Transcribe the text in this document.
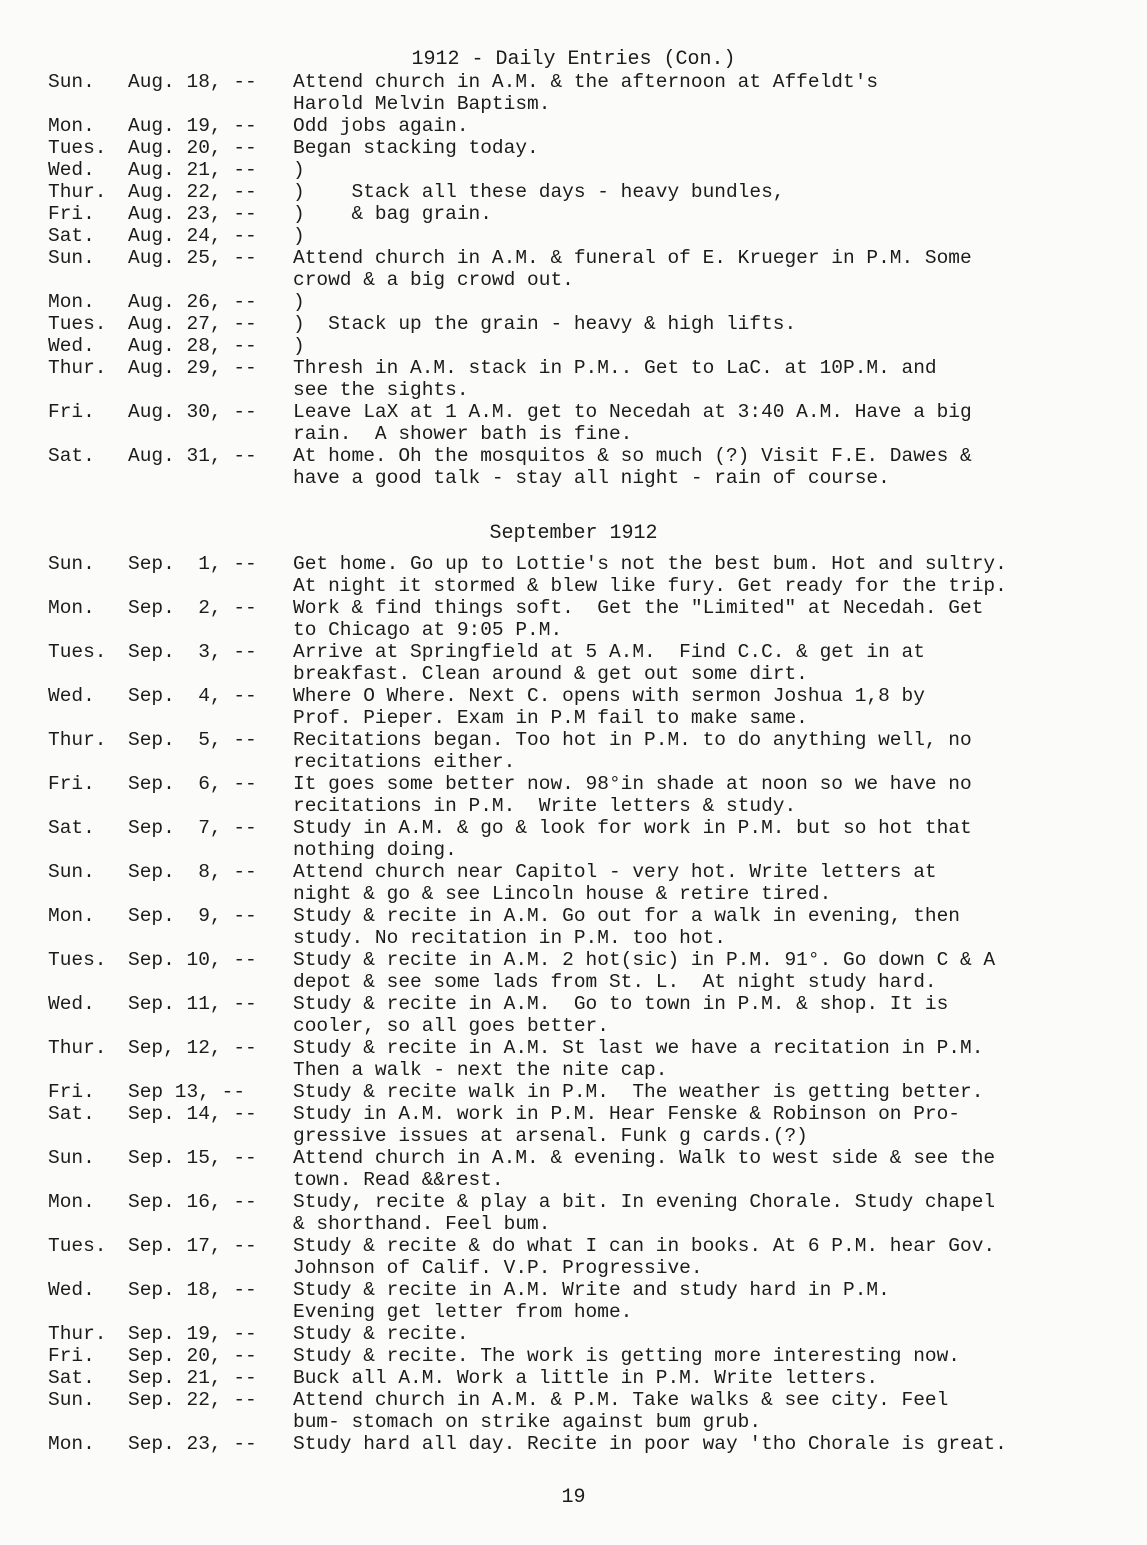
1912 - Daily Entries (Con.)
Sun.	Aug. 18, --	Attend church in A.M. & the afternoon at Affeldt's
Harold Melvin Baptism.
Mon.	Aug. 19, --	Odd jobs again.
Tues.	Aug. 20, --	Began stacking today.
Wed.	Aug. 21, --	)
Thur.	Aug. 22, --	)    Stack all these days - heavy bundles,
Fri.	Aug. 23, --	)    & bag grain.
Sat.	Aug. 24, --	)
Sun.	Aug. 25, --	Attend church in A.M. & funeral of E. Krueger in P.M. Some
crowd & a big crowd out.
Mon.	Aug. 26, --	)
Tues.	Aug. 27, --	)  Stack up the grain - heavy & high lifts.
Wed.	Aug. 28, --	)
Thur.	Aug. 29, --	Thresh in A.M. stack in P.M.. Get to LaC. at 10P.M. and
see the sights.
Fri.	Aug. 30, --	Leave LaX at 1 A.M. get to Necedah at 3:40 A.M. Have a big
rain.  A shower bath is fine.
Sat.	Aug. 31, --	At home. Oh the mosquitos & so much (?) Visit F.E. Dawes &
have a good talk - stay all night - rain of course.
September 1912
Sun.	Sep.  1, --	Get home. Go up to Lottie's not the best bum. Hot and sultry.
At night it stormed & blew like fury. Get ready for the trip.
Mon.	Sep.  2, --	Work & find things soft.  Get the "Limited" at Necedah. Get
to Chicago at 9:05 P.M.
Tues.	Sep.  3, --	Arrive at Springfield at 5 A.M.  Find C.C. & get in at
breakfast. Clean around & get out some dirt.
Wed.	Sep.  4, --	Where O Where. Next C. opens with sermon Joshua 1,8 by
Prof. Pieper. Exam in P.M fail to make same.
Thur.	Sep.  5, --	Recitations began. Too hot in P.M. to do anything well, no
recitations either.
Fri.	Sep.  6, --	It goes some better now. 98°in shade at noon so we have no
recitations in P.M.  Write letters & study.
Sat.	Sep.  7, --	Study in A.M. & go & look for work in P.M. but so hot that
nothing doing.
Sun.	Sep.  8, --	Attend church near Capitol - very hot. Write letters at
night & go & see Lincoln house & retire tired.
Mon.	Sep.  9, --	Study & recite in A.M. Go out for a walk in evening, then
study. No recitation in P.M. too hot.
Tues.	Sep. 10, --	Study & recite in A.M. 2 hot(sic) in P.M. 91°. Go down C & A
depot & see some lads from St. L.  At night study hard.
Wed.	Sep. 11, --	Study & recite in A.M.  Go to town in P.M. & shop. It is
cooler, so all goes better.
Thur.	Sep, 12, --	Study & recite in A.M. St last we have a recitation in P.M.
Then a walk - next the nite cap.
Fri.	Sep 13, --	Study & recite walk in P.M.  The weather is getting better.
Sat.	Sep. 14, --	Study in A.M. work in P.M. Hear Fenske & Robinson on Pro-
gressive issues at arsenal. Funk g cards.(?)
Sun.	Sep. 15, --	Attend church in A.M. & evening. Walk to west side & see the
town. Read &&rest.
Mon.	Sep. 16, --	Study, recite & play a bit. In evening Chorale. Study chapel
& shorthand. Feel bum.
Tues.	Sep. 17, --	Study & recite & do what I can in books. At 6 P.M. hear Gov.
Johnson of Calif. V.P. Progressive.
Wed.	Sep. 18, --	Study & recite in A.M. Write and study hard in P.M.
Evening get letter from home.
Thur.	Sep. 19, --	Study & recite.
Fri.	Sep. 20, --	Study & recite. The work is getting more interesting now.
Sat.	Sep. 21, --	Buck all A.M. Work a little in P.M. Write letters.
Sun.	Sep. 22, --	Attend church in A.M. & P.M. Take walks & see city. Feel
bum- stomach on strike against bum grub.
Mon.	Sep. 23, --	Study hard all day. Recite in poor way 'tho Chorale is great.
19
